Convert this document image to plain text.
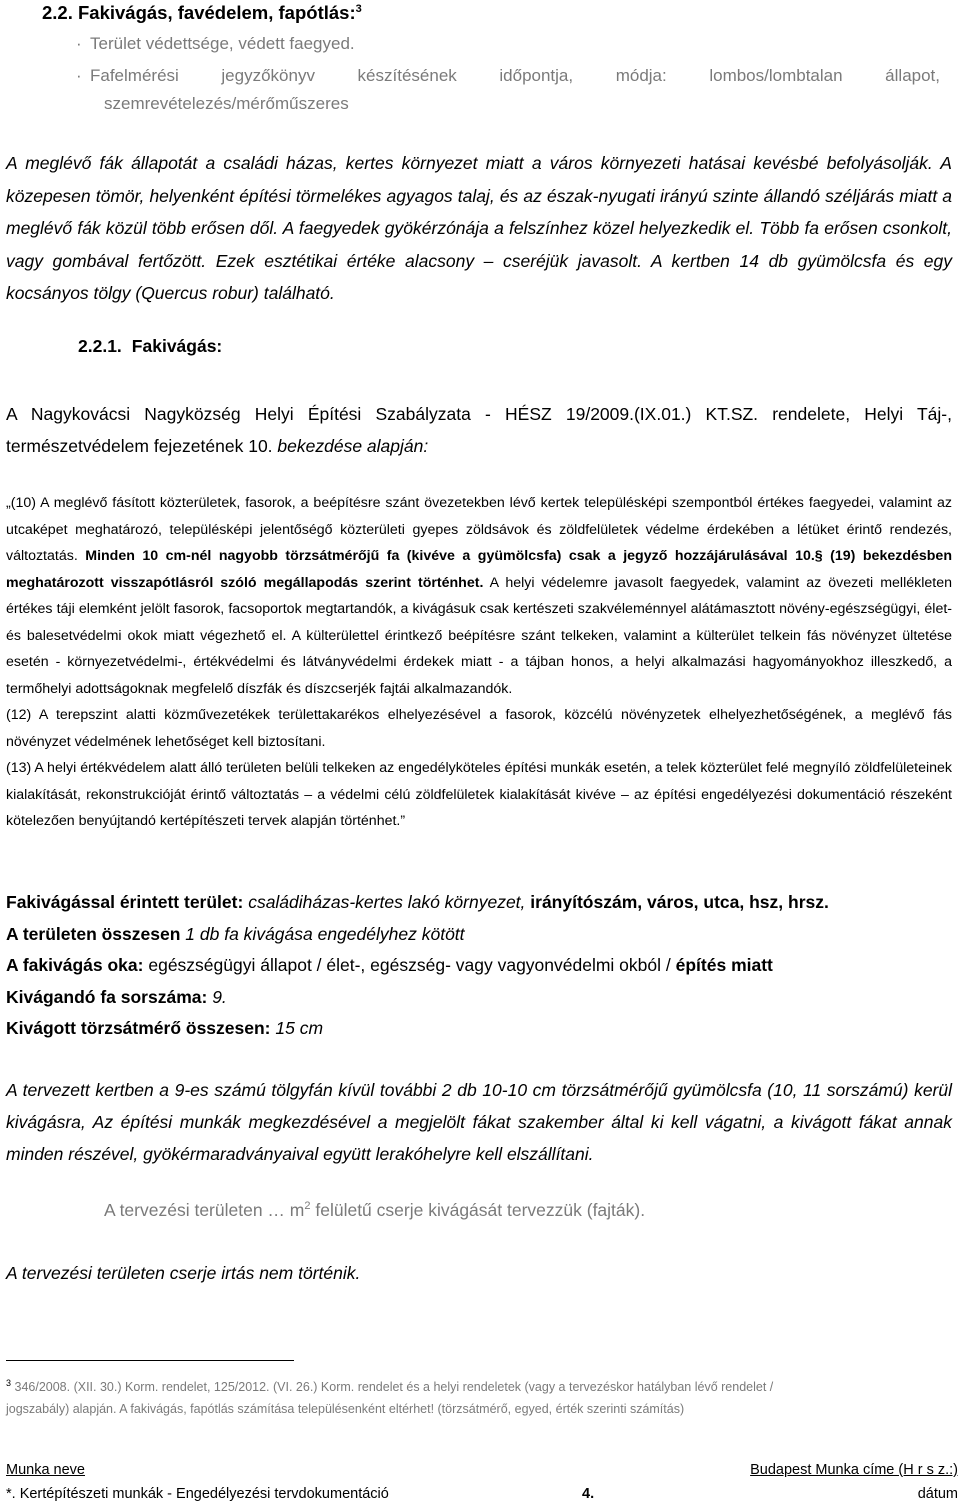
2.2. Fakivágás, favédelem, fapótlás:$^3$
· Terület védettsége, védett faegyed.
· Fafelmérési jegyzőkönyv készítésének időpontja, módja: lombos/lombtalan állapot,
szemrevételezés/mérőműszeres

A meglévő fák állapotát a családi házas, kertes környezet miatt a város környezeti hatásai kevésbé befolyásolják. A közepesen tömör, helyenként építési törmelékes agyagos talaj, és az észak-nyugati irányú szinte állandó széljárás miatt a meglévő fák közül több erősen dől. A faegyedek gyökérzónája a felszínhez közel helyezkedik el. Több fa erősen csonkolt, vagy gombával fertőzött. Ezek esztétikai értéke alacsony – cseréjük javasolt. A kertben 14 db gyümölcsfa és egy kocsányos tölgy (Quercus robur) található.

2.2.1. Fakivágás:

A Nagykovácsi Nagyközség Helyi Építési Szabályzata - HÉSZ 19/2009.(IX.01.) KT.SZ. rendelete, Helyi Táj-, természetvédelem fejezetének 10. bekezdése alapján:

„(10) A meglévő fásított közterületek, fasorok, a beépítésre szánt övezetekben lévő kertek településképi szempontból értékes faegyedei, valamint az utcaképet meghatározó, településképi jelentőségő közterületi gyepes zöldsávok és zöldfelületek védelme érdekében a létüket érintő rendezés, változtatás. Minden 10 cm-nél nagyobb törzsátmérőjű fa (kivéve a gyümölcsfa) csak a jegyző hozzájárulásával 10.§ (19) bekezdésben meghatározott visszapótlásról szóló megállapodás szerint történhet. A helyi védelemre javasolt faegyedek, valamint az övezeti mellékleten értékes táji elemként jelölt fasorok, facsoportok megtartandók, a kivágásuk csak kertészeti szakvéleménnyel alátámasztott növény-egészségügyi, élet- és balesetvédelmi okok miatt végezhető el. A külterülettel érintkező beépítésre szánt telkeken, valamint a külterület telkein fás növényzet ültetése esetén - környezetvédelmi-, értékvédelmi és látványvédelmi érdekek miatt - a tájban honos, a helyi alkalmazási hagyományokhoz illeszkedő, a termőhelyi adottságoknak megfelelő díszfák és díszcserjék fajtái alkalmazandók.

(12) A terepszint alatti közművezetékek területtakarékos elhelyezésével a fasorok, közcélú növényzetek elhelyezhetőségének, a meglévő fás növényzet védelmének lehetőséget kell biztosítani.

(13) A helyi értékvédelem alatt álló területen belüli telkeken az engedélyköteles építési munkák esetén, a telek közterület felé megnyíló zöldfelületeinek kialakítását, rekonstrukcióját érintő változtatás – a védelmi célú zöldfelületek kialakítását kivéve – az építési engedélyezési dokumentáció részeként kötelezően benyújtandó kertépítészeti tervek alapján történhet.”

Fakivágással érintett terület: családiházas-kertes lakó környezet, irányítószám, város, utca, hsz, hrsz.
A területen összesen 1 db fa kivágása engedélyhez kötött
A fakivágás oka: egészségügyi állapot / élet-, egészség- vagy vagyonvédelmi okból / építés miatt
Kivágandó fa sorszáma: 9.
Kivágott törzsátmérő összesen: 15 cm

A tervezett kertben a 9-es számú tölgyfán kívül további 2 db 10-10 cm törzsátmérőjű gyümölcsfa (10, 11 sorszámú) kerül kivágásra, Az építési munkák megkezdésével a megjelölt fákat szakember által ki kell vágatni, a kivágott fákat annak minden részével, gyökérmaradványaival együtt lerakóhelyre kell elszállítani.

A tervezési területen … $m^2$ felületű cserje kivágását tervezzük (fajták).
A tervezési területen cserje irtás nem történik.
$^3$ 346/2008. (XII. 30.) Korm. rendelet, 125/2012. (VI. 26.) Korm. rendelet és a helyi rendeletek (vagy a tervezéskor hatályban lévő rendelet /
jogszabály) alapján. A fakivágás, fapótlás számítása településenként eltérhet! (törzsátmérő, egyed, érték szerinti számítás)
Munka neve	Budapest Munka címe (H r s z.:)
*. Kertépítészeti munkák - Engedélyezési tervdokumentáció	4.	dátum
